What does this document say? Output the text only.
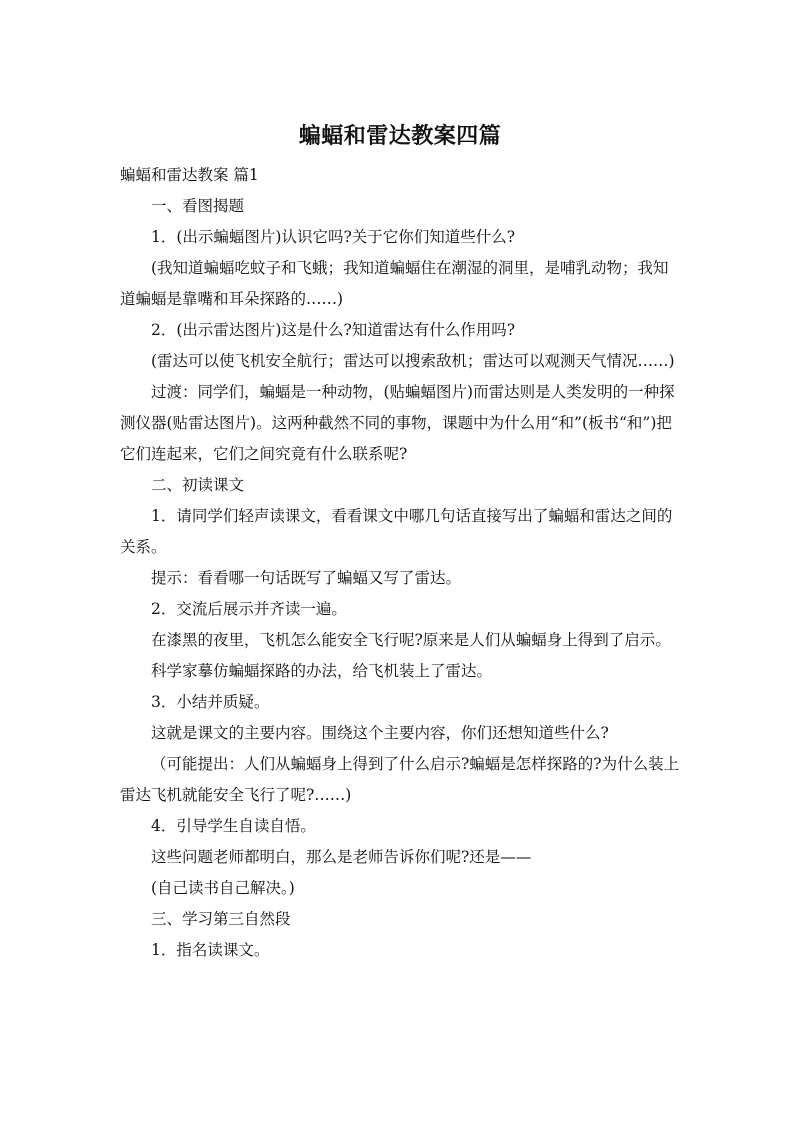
蝙蝠和雷达教案四篇

蝙蝠和雷达教案 篇1

一、看图揭题

1．(出示蝙蝠图片)认识它吗?关于它你们知道些什么?

(我知道蝙蝠吃蚊子和飞蛾；我知道蝙蝠住在潮湿的洞里，是哺乳动物；我知道蝙蝠是靠嘴和耳朵探路的……)

2．(出示雷达图片)这是什么?知道雷达有什么作用吗?

(雷达可以使飞机安全航行；雷达可以搜索敌机；雷达可以观测天气情况……)

过渡：同学们，蝙蝠是一种动物，(贴蝙蝠图片)而雷达则是人类发明的一种探测仪器(贴雷达图片)。这两种截然不同的事物，课题中为什么用“和”(板书“和”)把它们连起来，它们之间究竟有什么联系呢?

二、初读课文

1．请同学们轻声读课文，看看课文中哪几句话直接写出了蝙蝠和雷达之间的关系。

提示：看看哪一句话既写了蝙蝠又写了雷达。

2．交流后展示并齐读一遍。

在漆黑的夜里，飞机怎么能安全飞行呢?原来是人们从蝙蝠身上得到了启示。

科学家摹仿蝙蝠探路的办法，给飞机装上了雷达。

3．小结并质疑。

这就是课文的主要内容。围绕这个主要内容，你们还想知道些什么?

（可能提出：人们从蝙蝠身上得到了什么启示?蝙蝠是怎样探路的?为什么装上雷达飞机就能安全飞行了呢?……)

4．引导学生自读自悟。

这些问题老师都明白，那么是老师告诉你们呢?还是——

(自己读书自己解决。)

三、学习第三自然段

1．指名读课文。
